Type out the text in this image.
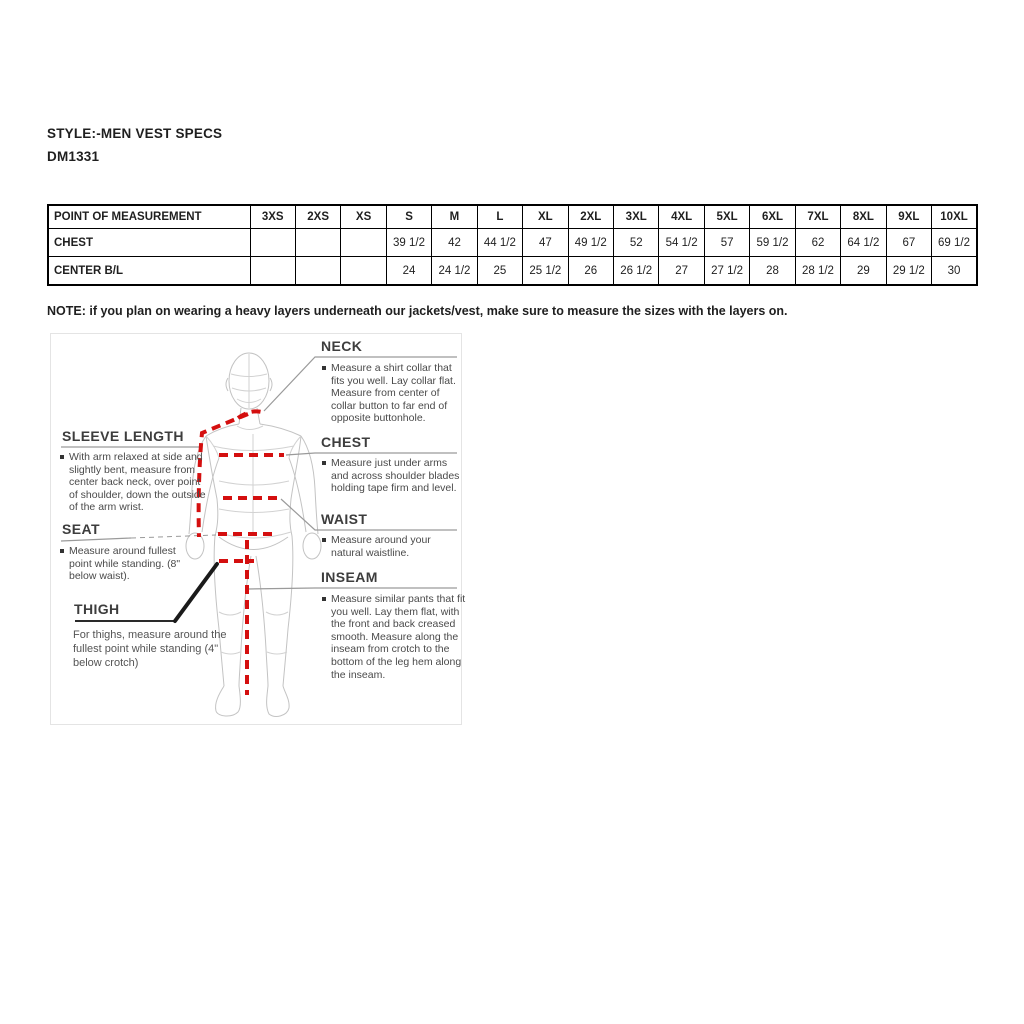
STYLE:-MEN VEST SPECS
DM1331
POINT OF MEASUREMENT	3XS	2XS	XS	S	M	L	XL	2XL	3XL	4XL	5XL	6XL	7XL	8XL	9XL	10XL
CHEST				39 1/2	42	44 1/2	47	49 1/2	52	54 1/2	57	59 1/2	62	64 1/2	67	69 1/2
CENTER B/L				24	24 1/2	25	25 1/2	26	26 1/2	27	27 1/2	28	28 1/2	29	29 1/2	30
NOTE: if you plan on wearing a heavy layers underneath our jackets/vest, make sure to measure the sizes with the layers on.
NECK
CHEST
WAIST
INSEAM
SLEEVE LENGTH
SEAT
THIGH
Measure a shirt collar that fits you well. Lay collar flat. Measure from center of collar button to far end of opposite buttonhole.
Measure just under arms and across shoulder blades holding tape firm and level.
Measure around your natural waistline.
Measure similar pants that fit you well. Lay them flat, with the front and back creased smooth. Measure along the inseam from crotch to the bottom of the leg hem along the inseam.
With arm relaxed at side and slightly bent, measure from center back neck, over point of shoulder, down the outside of the arm wrist.
Measure around fullest point while standing. (8" below waist).
For thighs, measure around the fullest point while standing (4" below crotch)
